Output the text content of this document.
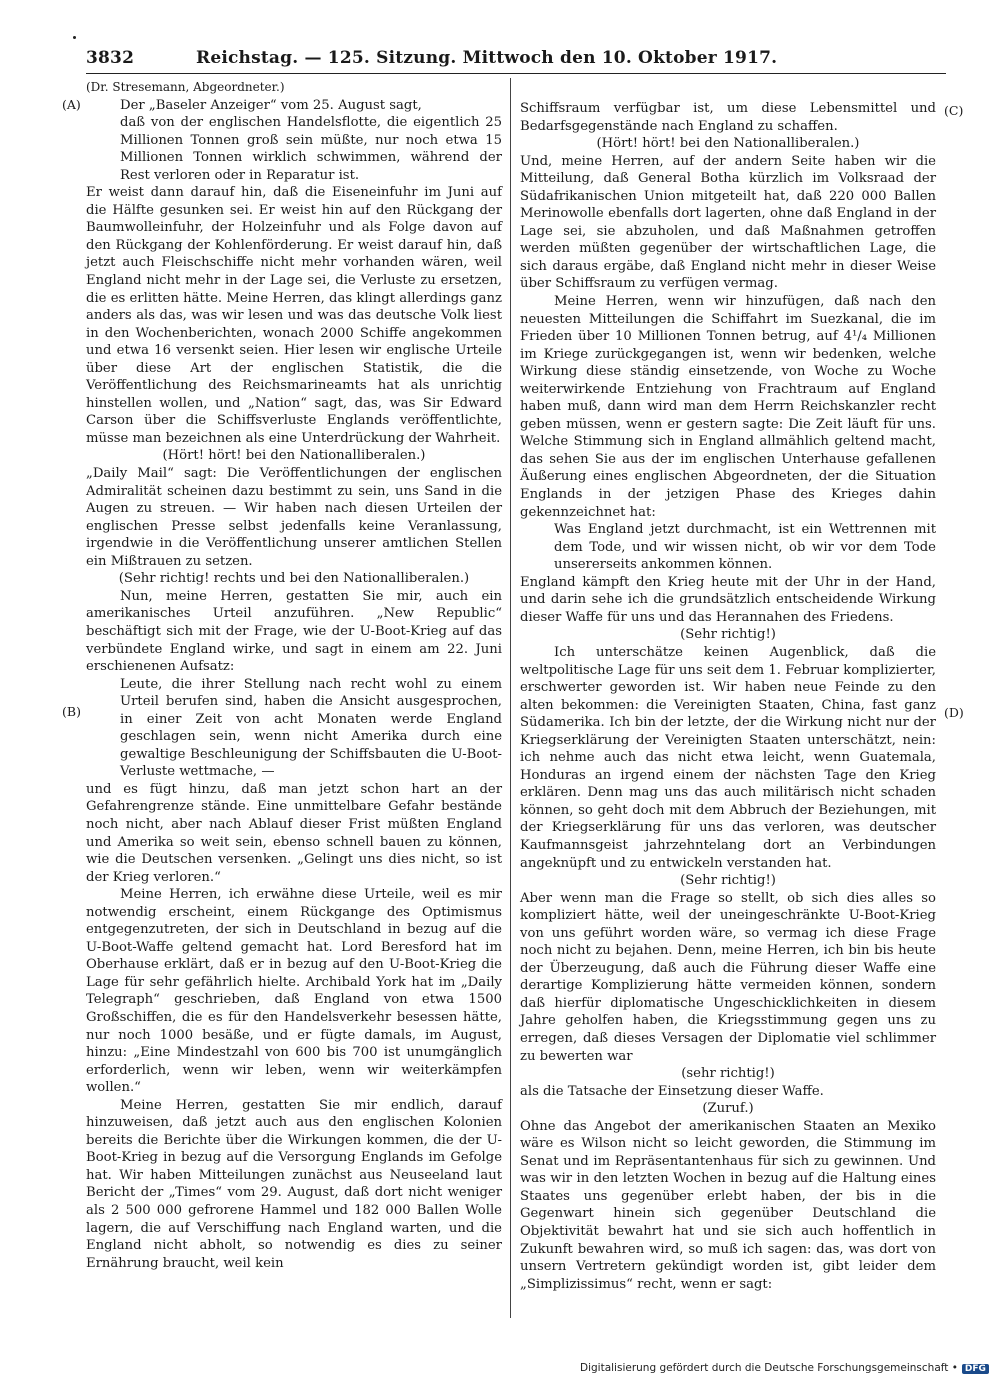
3832	Reichstag. — 125. Sitzung. Mittwoch den 10. Oktober 1917.
(A)
(B)
(C)
(D)

(Dr. Stresemann, Abgeordneter.)

Der „Baseler Anzeiger“ vom 25. August sagt,

daß von der englischen Handelsflotte, die eigentlich 25 Millionen Tonnen groß sein müßte, nur noch etwa 15 Millionen Tonnen wirklich schwimmen, während der Rest verloren oder in Reparatur ist.

Er weist dann darauf hin, daß die Eiseneinfuhr im Juni auf die Hälfte gesunken sei. Er weist hin auf den Rückgang der Baumwolleinfuhr, der Holzeinfuhr und als Folge davon auf den Rückgang der Kohlenförderung. Er weist darauf hin, daß jetzt auch Fleischschiffe nicht mehr vorhanden wären, weil England nicht mehr in der Lage sei, die Verluste zu ersetzen, die es erlitten hätte. Meine Herren, das klingt allerdings ganz anders als das, was wir lesen und was das deutsche Volk liest in den Wochenberichten, wonach 2000 Schiffe angekommen und etwa 16 versenkt seien. Hier lesen wir englische Urteile über diese Art der englischen Statistik, die die Veröffentlichung des Reichsmarineamts hat als unrichtig hinstellen wollen, und „Nation“ sagt, das, was Sir Edward Carson über die Schiffsverluste Englands veröffentlichte, müsse man bezeichnen als eine Unterdrückung der Wahrheit.

(Hört! hört! bei den Nationalliberalen.)

„Daily Mail“ sagt: Die Veröffentlichungen der englischen Admiralität scheinen dazu bestimmt zu sein, uns Sand in die Augen zu streuen. — Wir haben nach diesen Urteilen der englischen Presse selbst jedenfalls keine Veranlassung, irgendwie in die Veröffentlichung unserer amtlichen Stellen ein Mißtrauen zu setzen.

(Sehr richtig! rechts und bei den Nationalliberalen.)

Nun, meine Herren, gestatten Sie mir, auch ein amerikanisches Urteil anzuführen. „New Republic“ beschäftigt sich mit der Frage, wie der U-Boot-Krieg auf das verbündete England wirke, und sagt in einem am 22. Juni erschienenen Aufsatz:

Leute, die ihrer Stellung nach recht wohl zu einem Urteil berufen sind, haben die Ansicht ausgesprochen, in einer Zeit von acht Monaten werde England geschlagen sein, wenn nicht Amerika durch eine gewaltige Beschleunigung der Schiffsbauten die U-Boot-Verluste wettmache, —

und es fügt hinzu, daß man jetzt schon hart an der Gefahrengrenze stände. Eine unmittelbare Gefahr bestände noch nicht, aber nach Ablauf dieser Frist müßten England und Amerika so weit sein, ebenso schnell bauen zu können, wie die Deutschen versenken. „Gelingt uns dies nicht, so ist der Krieg verloren.“

Meine Herren, ich erwähne diese Urteile, weil es mir notwendig erscheint, einem Rückgange des Optimismus entgegenzutreten, der sich in Deutschland in bezug auf die U-Boot-Waffe geltend gemacht hat. Lord Beresford hat im Oberhause erklärt, daß er in bezug auf den U-Boot-Krieg die Lage für sehr gefährlich hielte. Archibald York hat im „Daily Telegraph“ geschrieben, daß England von etwa 1500 Großschiffen, die es für den Handelsverkehr besessen hätte, nur noch 1000 besäße, und er fügte damals, im August, hinzu: „Eine Mindestzahl von 600 bis 700 ist unumgänglich erforderlich, wenn wir leben, wenn wir weiterkämpfen wollen.“

Meine Herren, gestatten Sie mir endlich, darauf hinzuweisen, daß jetzt auch aus den englischen Kolonien bereits die Berichte über die Wirkungen kommen, die der U-Boot-Krieg in bezug auf die Versorgung Englands im Gefolge hat. Wir haben Mitteilungen zunächst aus Neuseeland laut Bericht der „Times“ vom 29. August, daß dort nicht weniger als 2 500 000 gefrorene Hammel und 182 000 Ballen Wolle lagern, die auf Verschiffung nach England warten, und die England nicht abholt, so notwendig es dies zu seiner Ernährung braucht, weil kein

Schiffsraum verfügbar ist, um diese Lebensmittel und Bedarfsgegenstände nach England zu schaffen.

(Hört! hört! bei den Nationalliberalen.)

Und, meine Herren, auf der andern Seite haben wir die Mitteilung, daß General Botha kürzlich im Volksraad der Südafrikanischen Union mitgeteilt hat, daß 220 000 Ballen Merinowolle ebenfalls dort lagerten, ohne daß England in der Lage sei, sie abzuholen, und daß Maßnahmen getroffen werden müßten gegenüber der wirtschaftlichen Lage, die sich daraus ergäbe, daß England nicht mehr in dieser Weise über Schiffsraum zu verfügen vermag.

Meine Herren, wenn wir hinzufügen, daß nach den neuesten Mitteilungen die Schiffahrt im Suezkanal, die im Frieden über 10 Millionen Tonnen betrug, auf 4¹/₄ Millionen im Kriege zurückgegangen ist, wenn wir bedenken, welche Wirkung diese ständig einsetzende, von Woche zu Woche weiterwirkende Entziehung von Frachtraum auf England haben muß, dann wird man dem Herrn Reichskanzler recht geben müssen, wenn er gestern sagte: Die Zeit läuft für uns. Welche Stimmung sich in England allmählich geltend macht, das sehen Sie aus der im englischen Unterhause gefallenen Äußerung eines englischen Abgeordneten, der die Situation Englands in der jetzigen Phase des Krieges dahin gekennzeichnet hat:

Was England jetzt durchmacht, ist ein Wettrennen mit dem Tode, und wir wissen nicht, ob wir vor dem Tode unsererseits ankommen können.

England kämpft den Krieg heute mit der Uhr in der Hand, und darin sehe ich die grundsätzlich entscheidende Wirkung dieser Waffe für uns und das Herannahen des Friedens.

(Sehr richtig!)

Ich unterschätze keinen Augenblick, daß die weltpolitische Lage für uns seit dem 1. Februar komplizierter, erschwerter geworden ist. Wir haben neue Feinde zu den alten bekommen: die Vereinigten Staaten, China, fast ganz Südamerika. Ich bin der letzte, der die Wirkung nicht nur der Kriegserklärung der Vereinigten Staaten unterschätzt, nein: ich nehme auch das nicht etwa leicht, wenn Guatemala, Honduras an irgend einem der nächsten Tage den Krieg erklären. Denn mag uns das auch militärisch nicht schaden können, so geht doch mit dem Abbruch der Beziehungen, mit der Kriegserklärung für uns das verloren, was deutscher Kaufmannsgeist jahrzehntelang dort an Verbindungen angeknüpft und zu entwickeln verstanden hat.

(Sehr richtig!)

Aber wenn man die Frage so stellt, ob sich dies alles so kompliziert hätte, weil der uneingeschränkte U-Boot-Krieg von uns geführt worden wäre, so vermag ich diese Frage noch nicht zu bejahen. Denn, meine Herren, ich bin bis heute der Überzeugung, daß auch die Führung dieser Waffe eine derartige Komplizierung hätte vermeiden können, sondern daß hierfür diplomatische Ungeschicklichkeiten in diesem Jahre geholfen haben, die Kriegsstimmung gegen uns zu erregen, daß dieses Versagen der Diplomatie viel schlimmer zu bewerten war

(sehr richtig!)

als die Tatsache der Einsetzung dieser Waffe.

(Zuruf.)

Ohne das Angebot der amerikanischen Staaten an Mexiko wäre es Wilson nicht so leicht geworden, die Stimmung im Senat und im Repräsentantenhaus für sich zu gewinnen. Und was wir in den letzten Wochen in bezug auf die Haltung eines Staates uns gegenüber erlebt haben, der bis in die Gegenwart hinein sich gegenüber Deutschland die Objektivität bewahrt hat und sie sich auch hoffentlich in Zukunft bewahren wird, so muß ich sagen: das, was dort von unsern Vertretern gekündigt worden ist, gibt leider dem „Simplizissimus“ recht, wenn er sagt:

Digitalisierung gefördert durch die Deutsche Forschungsgemeinschaft • DFG
